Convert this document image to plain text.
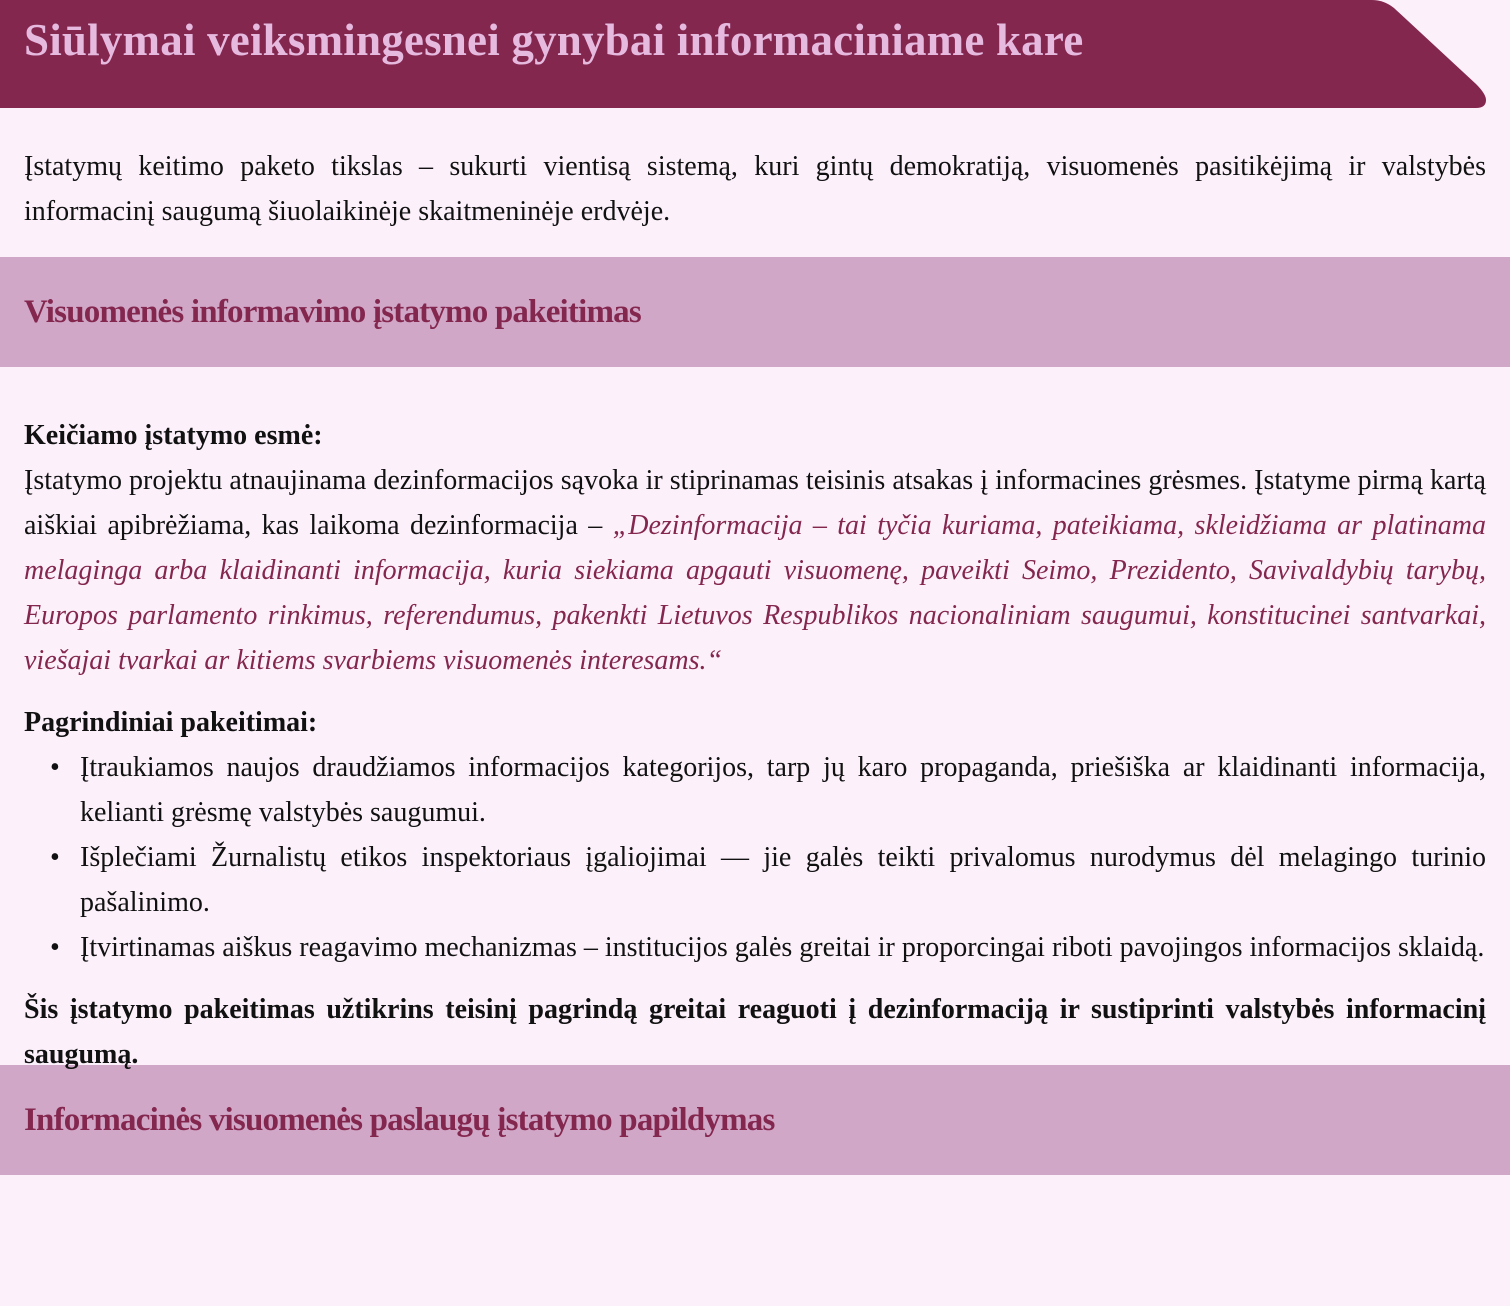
Siūlymai veiksmingesnei gynybai informaciniame kare

Įstatymų keitimo paketo tikslas – sukurti vientisą sistemą, kuri gintų demokratiją, visuomenės pasitikėjimą ir valstybės informacinį saugumą šiuolaikinėje skaitmeninėje erdvėje.

Visuomenės informavimo įstatymo pakeitimas

Keičiamo įstatymo esmė:

Įstatymo projektu atnaujinama dezinformacijos sąvoka ir stiprinamas teisinis atsakas į informacines grėsmes. Įstatyme pirmą kartą aiškiai apibrėžiama, kas laikoma dezinformacija – „Dezinformacija – tai tyčia kuriama, pateikiama, skleidžiama ar platinama melaginga arba klaidinanti informacija, kuria siekiama apgauti visuomenę, paveikti Seimo, Prezidento, Savivaldybių tarybų, Europos parlamento rinkimus, referendumus, pakenkti Lietuvos Respublikos nacionaliniam saugumui, konstitucinei santvarkai, viešajai tvarkai ar kitiems svarbiems visuomenės interesams.“

Pagrindiniai pakeitimai:

• Įtraukiamos naujos draudžiamos informacijos kategorijos, tarp jų karo propaganda, priešiška ar klaidinanti informacija, kelianti grėsmę valstybės saugumui.
• Išplečiami Žurnalistų etikos inspektoriaus įgaliojimai — jie galės teikti privalomus nurodymus dėl melagingo turinio pašalinimo.
• Įtvirtinamas aiškus reagavimo mechanizmas – institucijos galės greitai ir proporcingai riboti pavojingos informacijos sklaidą.

Šis įstatymo pakeitimas užtikrins teisinį pagrindą greitai reaguoti į dezinformaciją ir sustiprinti valstybės informacinį saugumą.

Informacinės visuomenės paslaugų įstatymo papildymas
